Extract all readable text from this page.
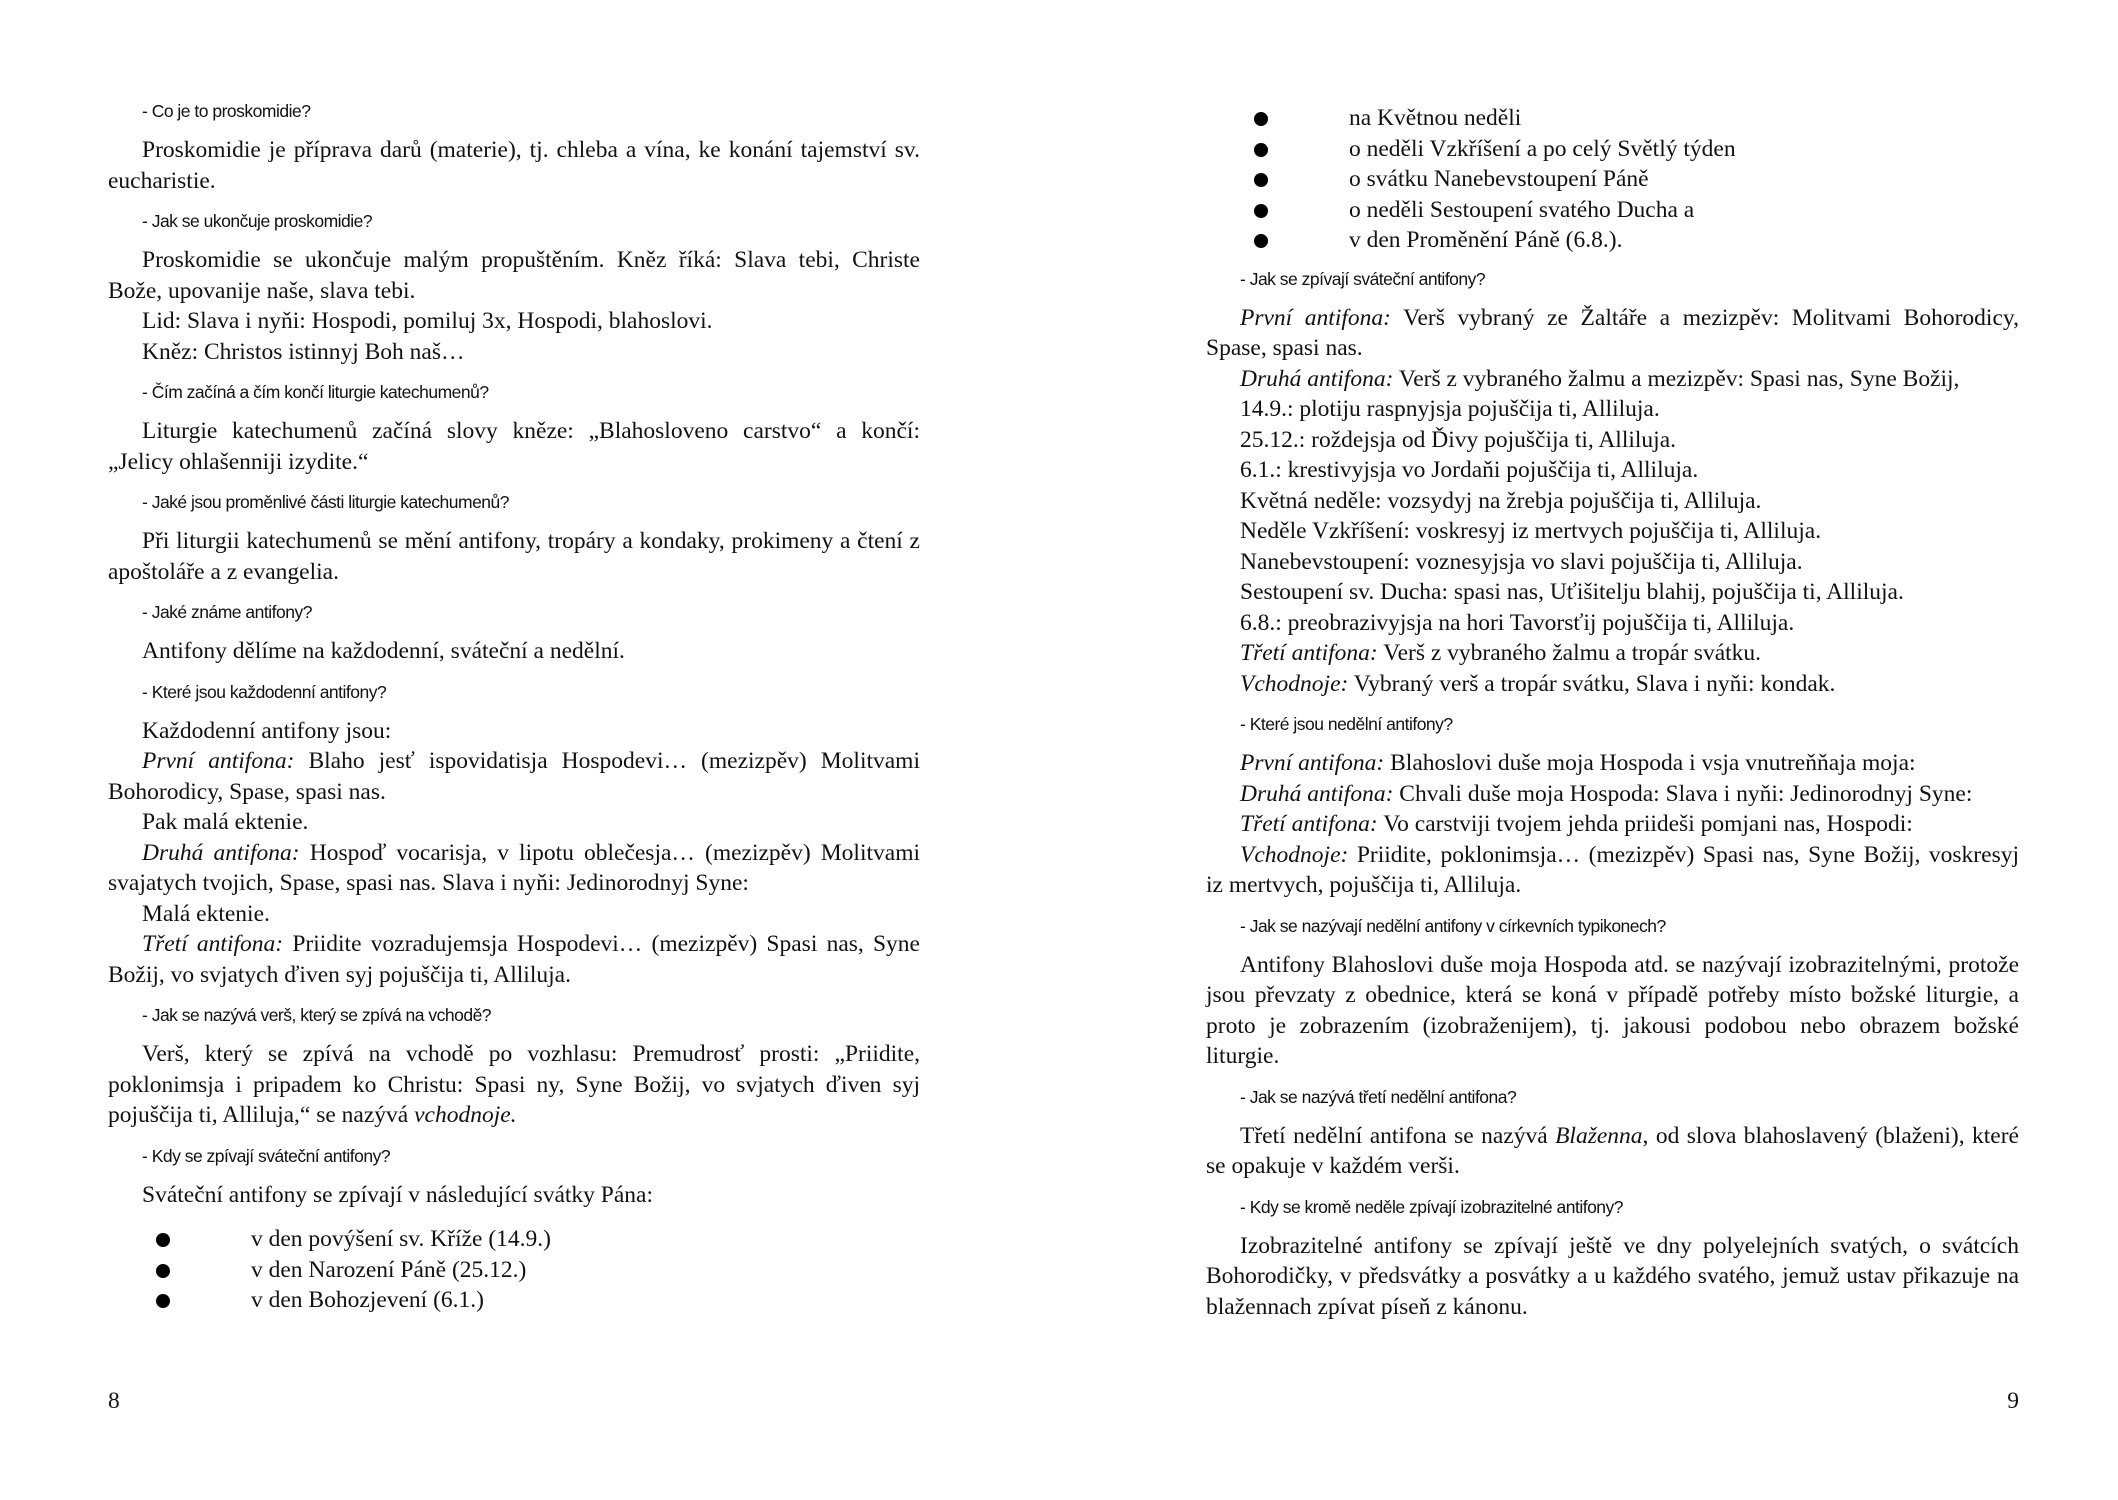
- Co je to proskomidie?
Proskomidie je příprava darů (materie), tj. chleba a vína, ke konání tajemství sv. eucharistie.
- Jak se ukončuje proskomidie?
Proskomidie se ukončuje malým propuštěním. Kněz říká: Slava tebi, Christe Bože, upovanije naše, slava tebi.
Lid: Slava i nyňi: Hospodi, pomiluj 3x, Hospodi, blahoslovi.
Kněz: Christos istinnyj Boh naš…
- Čím začíná a čím končí liturgie katechumenů?
Liturgie katechumenů začíná slovy kněze: „Blahosloveno carstvo“ a končí: „Jelicy ohlašenniji izydite.“
- Jaké jsou proměnlivé části liturgie katechumenů?
Při liturgii katechumenů se mění antifony, tropáry a kondaky, prokimeny a čtení z apoštoláře a z evangelia.
- Jaké známe antifony?
Antifony dělíme na každodenní, sváteční a nedělní.
- Které jsou každodenní antifony?
Každodenní antifony jsou:
První antifona: Blaho jesť ispovidatisja Hospodevi… (mezizpěv) Molitvami Bohorodicy, Spase, spasi nas.
Pak malá ektenie.
Druhá antifona: Hospoď vocarisja, v lipotu oblečesja… (mezizpěv) Molitvami svajatych tvojich, Spase, spasi nas. Slava i nyňi: Jedinorodnyj Syne:
Malá ektenie.
Třetí antifona: Priidite vozradujemsja Hospodevi… (mezizpěv) Spasi nas, Syne Božij, vo svjatych ďiven syj pojuščija ti, Alliluja.
- Jak se nazývá verš, který se zpívá na vchodě?
Verš, který se zpívá na vchodě po vozhlasu: Premudrosť prosti: „Priidite, poklonimsja i pripadem ko Christu: Spasi ny, Syne Božij, vo svjatych ďiven syj pojuščija ti, Alliluja,“ se nazývá vchodnoje.
- Kdy se zpívají sváteční antifony?
Sváteční antifony se zpívají v následující svátky Pána:
v den povýšení sv. Kříže (14.9.)
v den Narození Páně (25.12.)
v den Bohozjevení (6.1.)
8
na Květnou neděli
o neděli Vzkříšení a po celý Světlý týden
o svátku Nanebevstoupení Páně
o neděli Sestoupení svatého Ducha a
v den Proměnění Páně (6.8.).
- Jak se zpívají sváteční antifony?
První antifona: Verš vybraný ze Žaltáře a mezizpěv: Molitvami Bohorodicy, Spase, spasi nas.
Druhá antifona: Verš z vybraného žalmu a mezizpěv: Spasi nas, Syne Božij,
14.9.: plotiju raspnyjsja pojuščija ti, Alliluja.
25.12.: roždejsja od Ďivy pojuščija ti, Alliluja.
6.1.: krestivyjsja vo Jordaňi pojuščija ti, Alliluja.
Květná neděle: vozsydyj na žrebja pojuščija ti, Alliluja.
Neděle Vzkříšení: voskresyj iz mertvych pojuščija ti, Alliluja.
Nanebevstoupení: voznesyjsja vo slavi pojuščija ti, Alliluja.
Sestoupení sv. Ducha: spasi nas, Uťišitelju blahij, pojuščija ti, Alliluja.
6.8.: preobrazivyjsja na hori Tavorsťij pojuščija ti, Alliluja.
Třetí antifona: Verš z vybraného žalmu a tropár svátku.
Vchodnoje: Vybraný verš a tropár svátku, Slava i nyňi: kondak.
- Které jsou nedělní antifony?
První antifona: Blahoslovi duše moja Hospoda i vsja vnutreňňaja moja:
Druhá antifona: Chvali duše moja Hospoda: Slava i nyňi: Jedinorodnyj Syne:
Třetí antifona: Vo carstviji tvojem jehda priideši pomjani nas, Hospodi:
Vchodnoje: Priidite, poklonimsja… (mezizpěv) Spasi nas, Syne Božij, voskresyj iz mertvych, pojuščija ti, Alliluja.
- Jak se nazývají nedělní antifony v církevních typikonech?
Antifony Blahoslovi duše moja Hospoda atd. se nazývají izobrazitelnými, protože jsou převzaty z obednice, která se koná v případě potřeby místo božské liturgie, a proto je zobrazením (izobraženijem), tj. jakousi podobou nebo obrazem božské liturgie.
- Jak se nazývá třetí nedělní antifona?
Třetí nedělní antifona se nazývá Blaženna, od slova blahoslavený (blaženi), které se opakuje v každém verši.
- Kdy se kromě neděle zpívají izobrazitelné antifony?
Izobrazitelné antifony se zpívají ještě ve dny polyelejních svatých, o svátcích Bohorodičky, v předsvátky a posvátky a u každého svatého, jemuž ustav přikazuje na blažennach zpívat píseň z kánonu.
9
